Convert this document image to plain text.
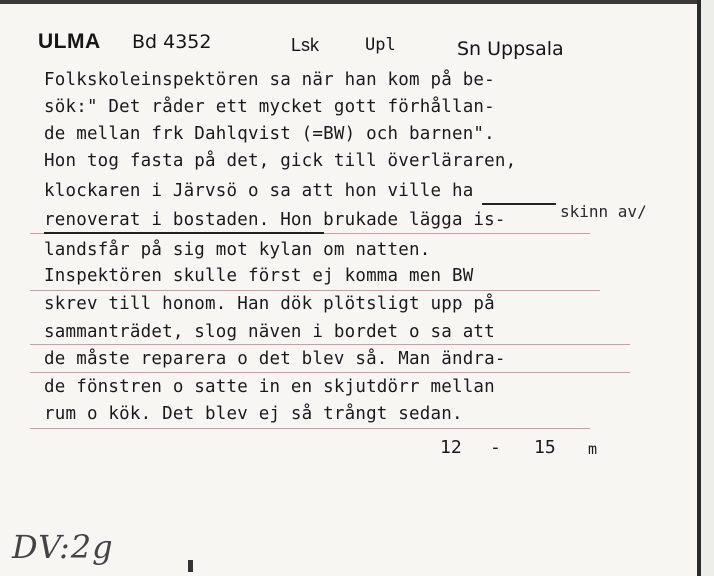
ULMA Bd 4352	Lsk	Upl	Sn Uppsala
Folkskoleinspektören sa när han kom på be-
sök:" Det råder ett mycket gott förhållan-
de mellan frk Dahlqvist (=BW) och barnen".
Hon tog fasta på det, gick till överläraren,
klockaren i Järvsö o sa att hon ville ha
renoverat i bostaden. Hon brukade lägga is-
landsfår på sig mot kylan om natten.
Inspektören skulle först ej komma men BW
skrev till honom. Han dök plötsligt upp på
sammanträdet, slog näven i bordet o sa att
de måste reparera o det blev så. Man ändra-
de fönstren o satte in en skjutdörr mellan
rum o kök. Det blev ej så trångt sedan.
skinn av/
12 - 15 m
DV:2g
